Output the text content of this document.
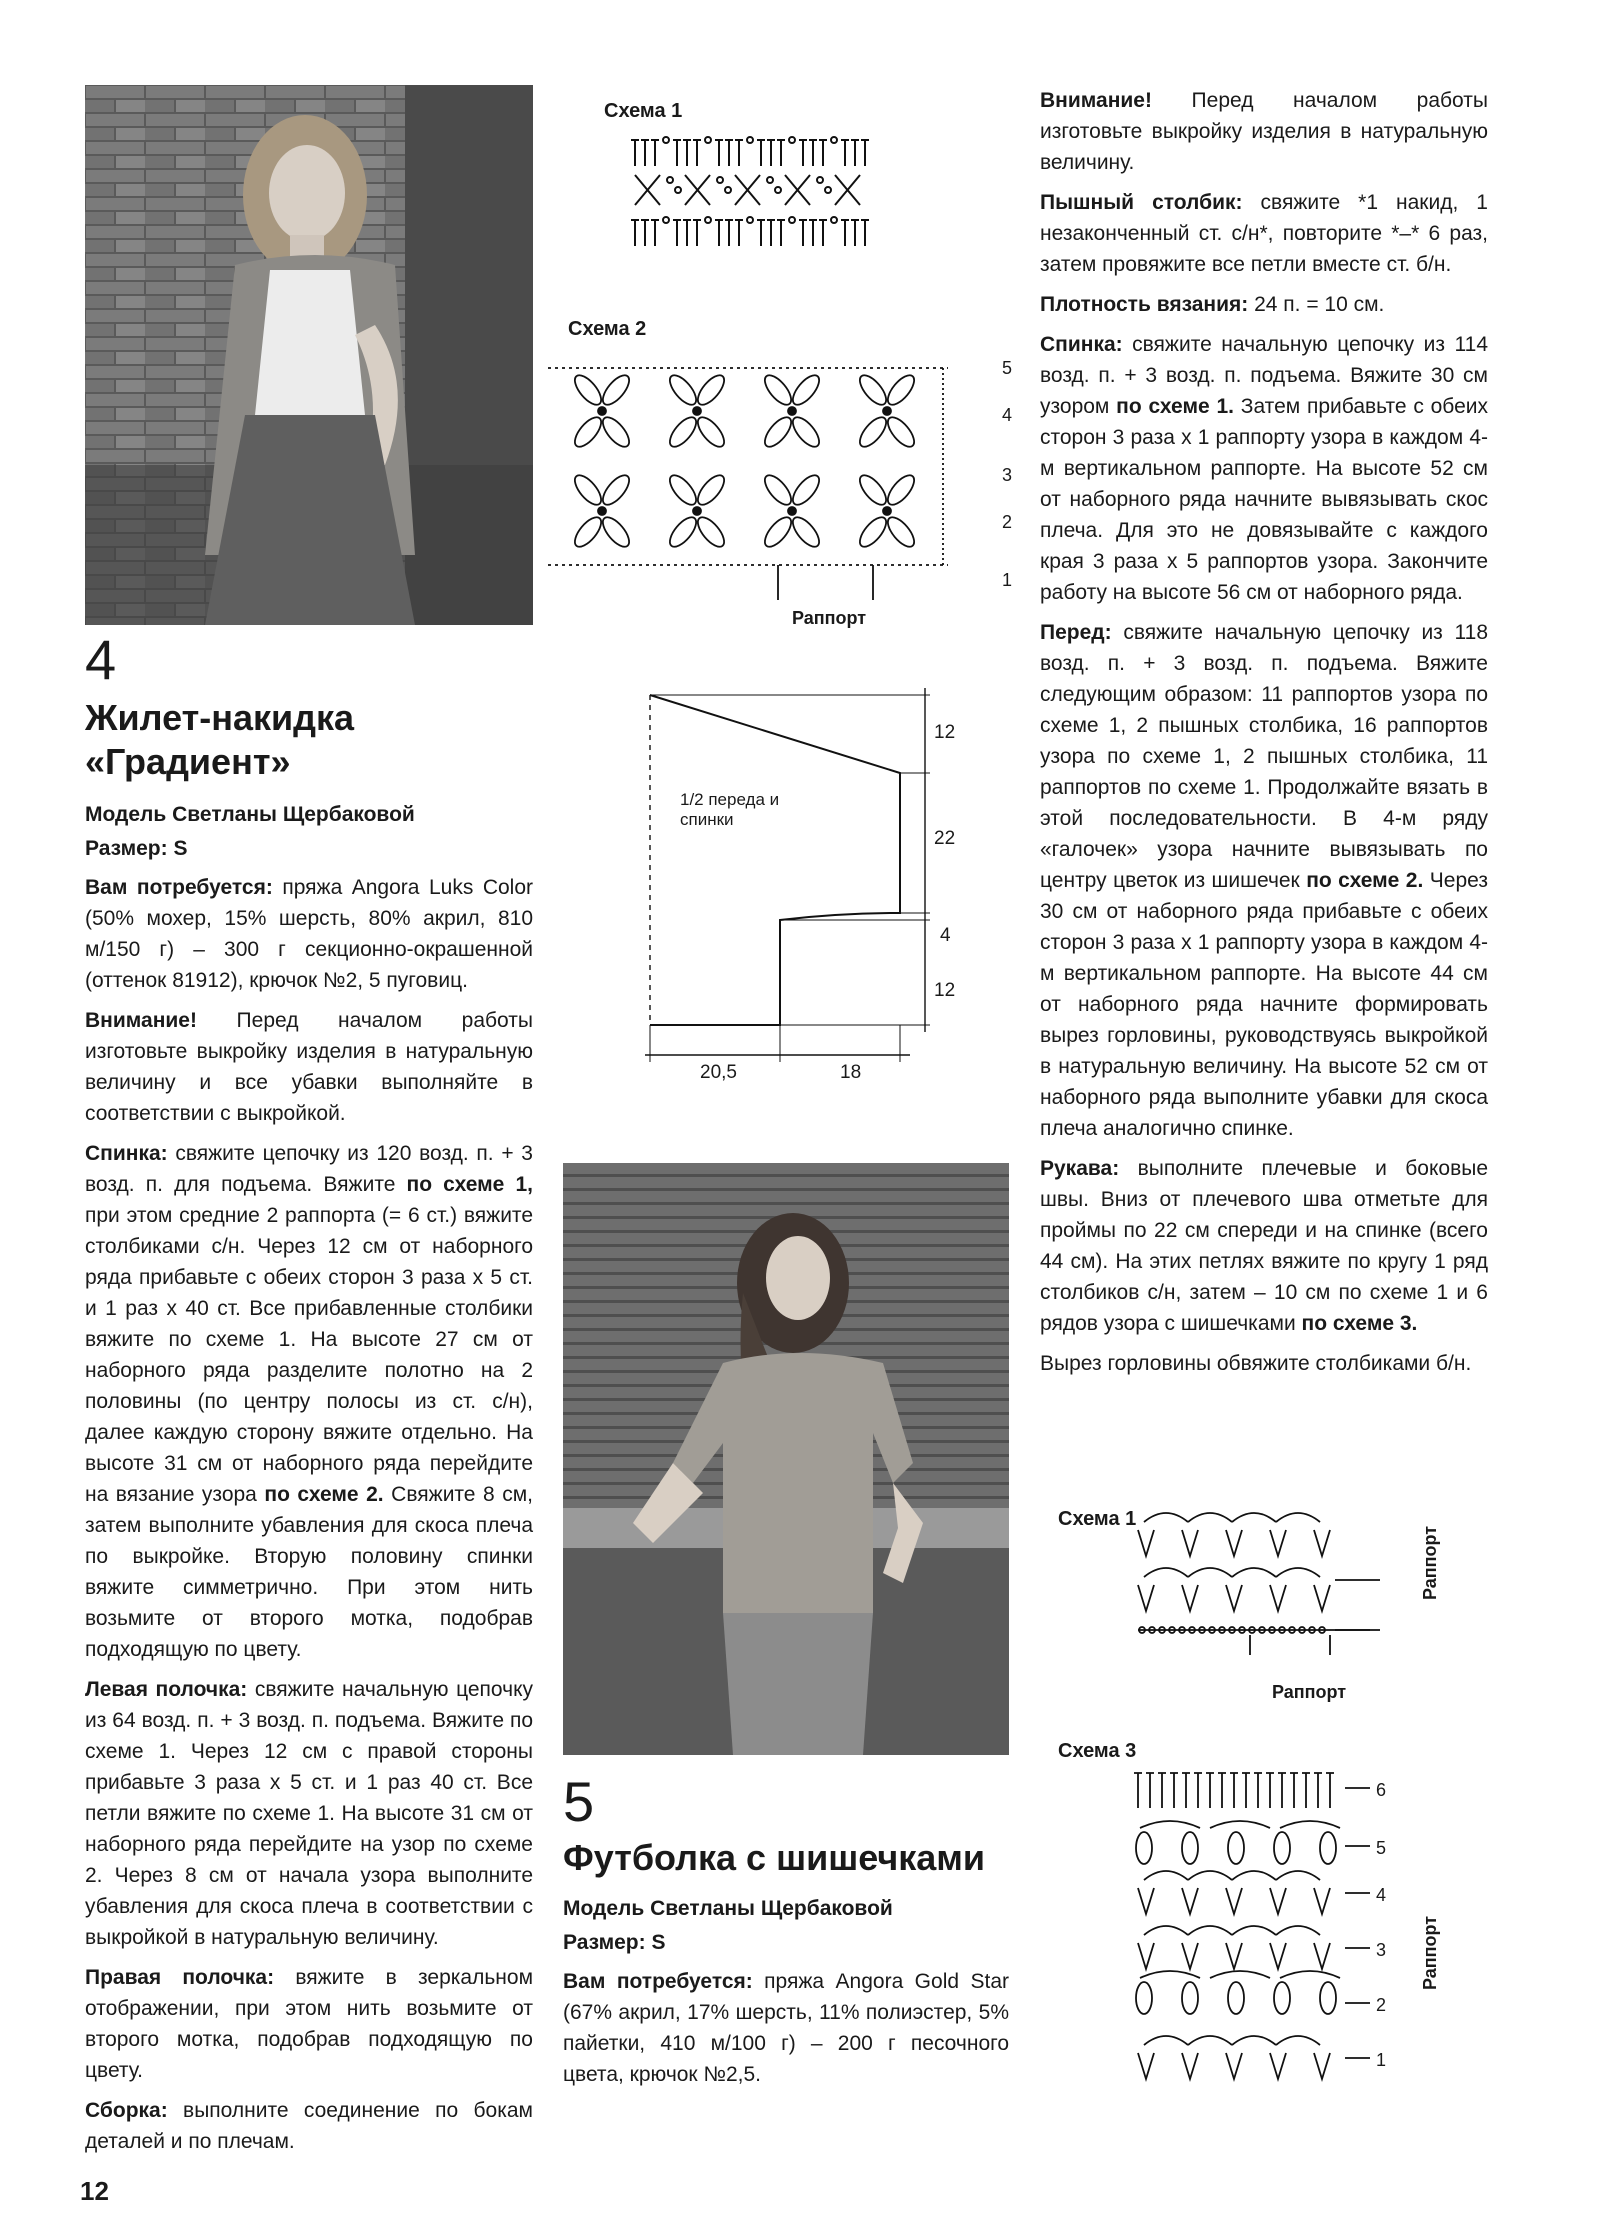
4
Жилет-накидка «Градиент»
Модель Светланы Щербаковой
Размер: S

Вам потребуется: пряжа Angora Luks Color (50% мохер, 15% шерсть, 80% акрил, 810 м/150 г) – 300 г секционно-окрашенной (оттенок 81912), крючок №2, 5 пуговиц.

Внимание! Перед началом работы изготовьте выкройку изделия в натуральную величину и все убавки выполняйте в соответствии с выкройкой.

Спинка: свяжите цепочку из 120 возд. п. + 3 возд. п. для подъема. Вяжите по схеме 1, при этом средние 2 раппорта (= 6 ст.) вяжите столбиками с/н. Через 12 см от наборного ряда прибавьте с обеих сторон 3 раза х 5 ст. и 1 раз х 40 ст. Все прибавленные столбики вяжите по схеме 1. На высоте 27 см от наборного ряда разделите полотно на 2 половины (по центру полосы из ст. с/н), далее каждую сторону вяжите отдельно. На высоте 31 см от наборного ряда перейдите на вязание узора по схеме 2. Свяжите 8 см, затем выполните убавления для скоса плеча по выкройке. Вторую половину спинки вяжите симметрично. При этом нить возьмите от второго мотка, подобрав подходящую по цвету.

Левая полочка: свяжите начальную цепочку из 64 возд. п. + 3 возд. п. подъема. Вяжите по схеме 1. Через 12 см с правой стороны прибавьте 3 раза х 5 ст. и 1 раз 40 ст. Все петли вяжите по схеме 1. На высоте 31 см от наборного ряда перейдите на узор по схеме 2. Через 8 см от начала узора выполните убавления для скоса плеча в соответствии с выкройкой в натуральную величину.

Правая полочка: вяжите в зеркальном отображении, при этом нить возьмите от второго мотка, подобрав подходящую по цвету.

Сборка: выполните соединение по бокам деталей и по плечам.

12
Схема 1
Схема 2
5
4
3
2
1
Раппорт
1/2 переда и спинки
12
22
4
12
20,5	18
5
Футболка с шишечками
Модель Светланы Щербаковой
Размер: S

Вам потребуется: пряжа Angora Gold Star (67% акрил, 17% шерсть, 11% полиэстер, 5% пайетки, 410 м/100 г) – 200 г песочного цвета, крючок №2,5.

Внимание! Перед началом работы изготовьте выкройку изделия в натуральную величину.

Пышный столбик: свяжите *1 накид, 1 незаконченный ст. с/н*, повторите *–* 6 раз, затем провяжите все петли вместе ст. б/н.

Плотность вязания: 24 п. = 10 см.

Спинка: свяжите начальную цепочку из 114 возд. п. + 3 возд. п. подъема. Вяжите 30 см узором по схеме 1. Затем прибавьте с обеих сторон 3 раза х 1 раппорту узора в каждом 4-м вертикальном раппорте. На высоте 52 см от наборного ряда начните вывязывать скос плеча. Для это не довязывайте с каждого края 3 раза х 5 раппортов узора. Закончите работу на высоте 56 см от наборного ряда.

Перед: свяжите начальную цепочку из 118 возд. п. + 3 возд. п. подъема. Вяжите следующим образом: 11 раппортов узора по схеме 1, 2 пышных столбика, 16 раппортов узора по схеме 1, 2 пышных столбика, 11 раппортов по схеме 1. Продолжайте вязать в этой последовательности. В 4-м ряду «галочек» узора начните вывязывать по центру цветок из шишечек по схеме 2. Через 30 см от наборного ряда прибавьте с обеих сторон 3 раза х 1 раппорту узора в каждом 4-м вертикальном раппорте. На высоте 44 см от наборного ряда начните формировать вырез горловины, руководствуясь выкройкой в натуральную величину. На высоте 52 см от наборного ряда выполните убавки для скоса плеча аналогично спинке.

Рукава: выполните плечевые и боковые швы. Вниз от плечевого шва отметьте для проймы по 22 см спереди и на спинке (всего 44 см). На этих петлях вяжите по кругу 1 ряд столбиков с/н, затем – 10 см по схеме 1 и 6 рядов узора с шишечками по схеме 3.

Вырез горловины обвяжите столбиками б/н.

Схема 1
Раппорт
Раппорт
Схема 3
6
5
4
3
2
1
Раппорт
